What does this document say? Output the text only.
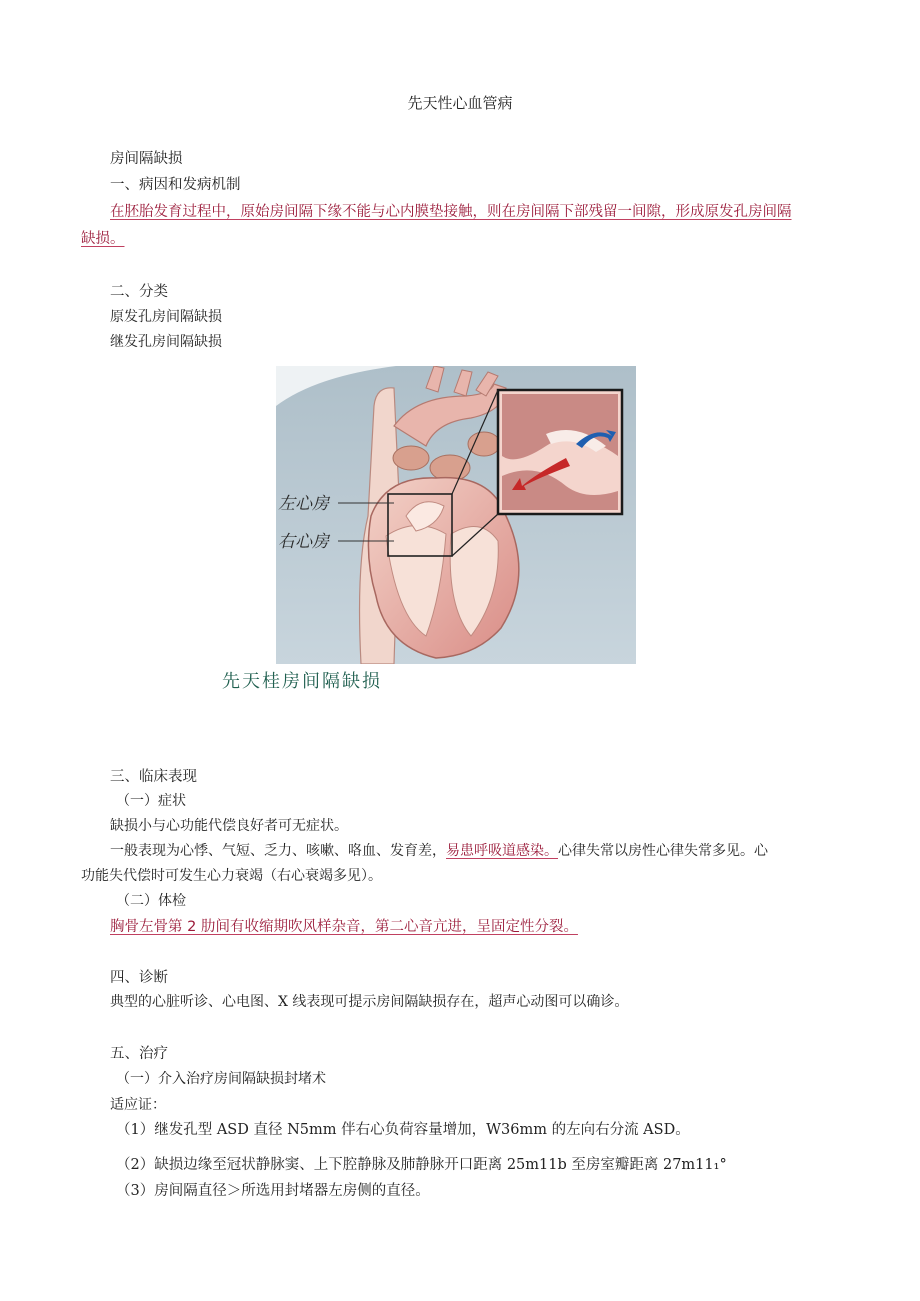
先天性心血管病
房间隔缺损
一、病因和发病机制
在胚胎发育过程中，原始房间隔下缘不能与心内膜垫接触，则在房间隔下部残留一间隙，形成原发孔房间隔
缺损。
二、分类
原发孔房间隔缺损
继发孔房间隔缺损
左心房
右心房
先天桂房间隔缺损
三、临床表现
（一）症状
缺损小与心功能代偿良好者可无症状。
一般表现为心悸、气短、乏力、咳嗽、咯血、发育差，易患呼吸道感染。心律失常以房性心律失常多见。心
功能失代偿时可发生心力衰竭（右心衰竭多见）。
（二）体检
胸骨左骨第 2 肋间有收缩期吹风样杂音，第二心音亢进，呈固定性分裂。
四、诊断
典型的心脏听诊、心电图、X 线表现可提示房间隔缺损存在，超声心动图可以确诊。
五、治疗
（一）介入治疗房间隔缺损封堵术
适应证：
（1）继发孔型 ASD 直径 N5mm 伴右心负荷容量增加，W36mm 的左向右分流 ASD。
（2）缺损边缘至冠状静脉窦、上下腔静脉及肺静脉开口距离 25m11b 至房室瓣距离 27m11₁°
（3）房间隔直径＞所选用封堵器左房侧的直径。
